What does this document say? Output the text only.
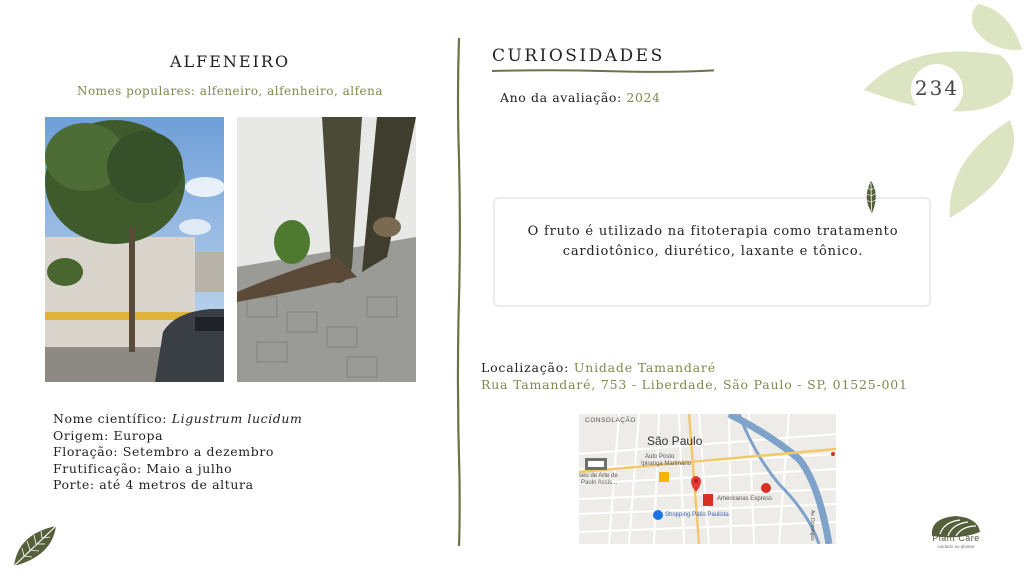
ALFENEIRO
Nomes populares: alfeneiro, alfenheiro, alfena
Nome científico: Ligustrum lucidum
Origem: Europa
Floração: Setembro a dezembro
Frutificação: Maio a julho
Porte: até 4 metros de altura
CURIOSIDADES
Ano da avaliação: 2024	234
O fruto é utilizado na fitoterapia como tratamento cardiotônico, diurético, laxante e tônico.
Localização: Unidade Tamandaré
Rua Tamandaré, 753 - Liberdade, São Paulo - SP, 01525-001
CONSOLAÇÃO
São Paulo
Auto Posto
Ipiranga Marimário
seu de Arte de
Paulo Assis...
Americanas Express
Shopping Pátio Paulista	Av. Domingos	Plant Care
cuidado ao plantar
